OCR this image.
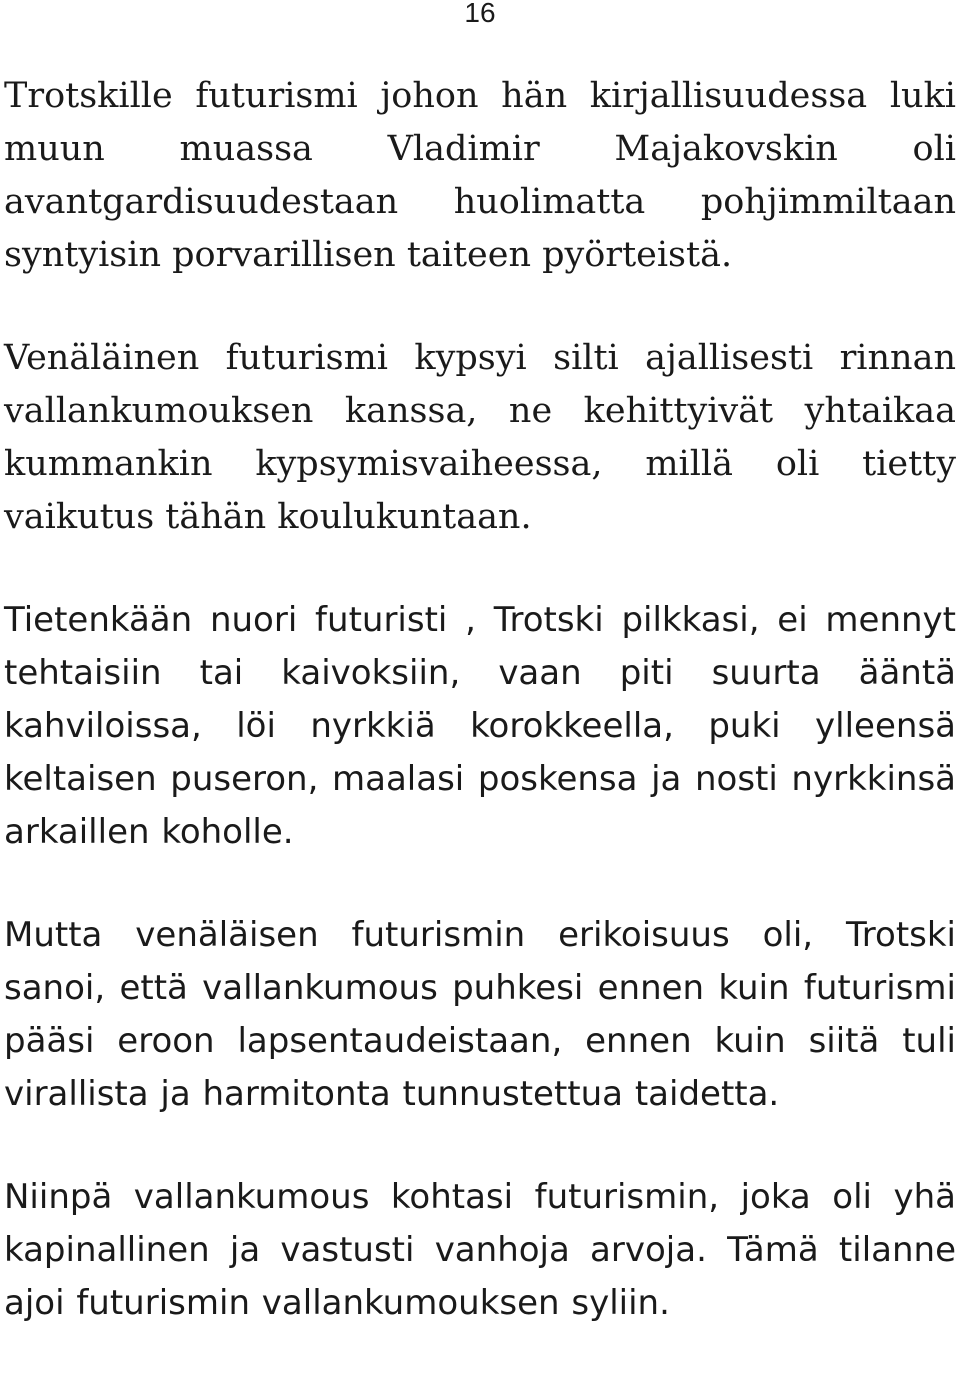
16

Trotskille futurismi johon hän kirjallisuudessa luki muun muassa Vladimir Majakovskin oli avantgardisuudestaan huolimatta pohjimmiltaan syntyisin porvarillisen taiteen pyörteistä.

Venäläinen futurismi kypsyi silti ajallisesti rinnan vallankumouksen kanssa, ne kehittyivät yhtaikaa kummankin kypsymisvaiheessa, millä oli tietty vaikutus tähän koulukuntaan.

Tietenkään nuori futuristi , Trotski pilkkasi, ei mennyt tehtaisiin tai kaivoksiin, vaan piti suurta ääntä kahviloissa, löi nyrkkiä korokkeella, puki ylleensä keltaisen puseron, maalasi poskensa ja nosti nyrkkinsä arkaillen koholle.

Mutta venäläisen futurismin erikoisuus oli, Trotski sanoi, että vallankumous puhkesi ennen kuin futurismi pääsi eroon lapsentaudeistaan, ennen kuin siitä tuli virallista ja harmitonta tunnustettua taidetta.

Niinpä vallankumous kohtasi futurismin, joka oli yhä kapinallinen ja vastusti vanhoja arvoja. Tämä tilanne ajoi futurismin vallankumouksen syliin.
